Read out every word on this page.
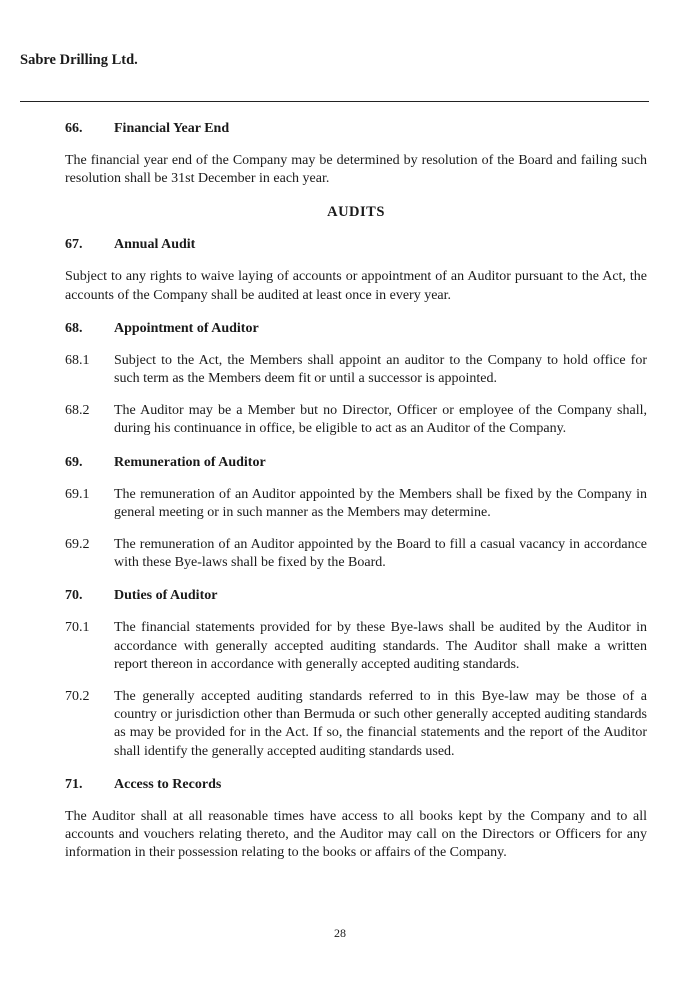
Sabre Drilling Ltd.
66.	Financial Year End

The financial year end of the Company may be determined by resolution of the Board and failing such resolution shall be 31st December in each year.

AUDITS
67.	Annual Audit

Subject to any rights to waive laying of accounts or appointment of an Auditor pursuant to the Act, the accounts of the Company shall be audited at least once in every year.

68.	Appointment of Auditor
68.1	Subject to the Act, the Members shall appoint an auditor to the Company to hold office for such term as the Members deem fit or until a successor is appointed.
68.2	The Auditor may be a Member but no Director, Officer or employee of the Company shall, during his continuance in office, be eligible to act as an Auditor of the Company.
69.	Remuneration of Auditor
69.1	The remuneration of an Auditor appointed by the Members shall be fixed by the Company in general meeting or in such manner as the Members may determine.
69.2	The remuneration of an Auditor appointed by the Board to fill a casual vacancy in accordance with these Bye-laws shall be fixed by the Board.
70.	Duties of Auditor
70.1	The financial statements provided for by these Bye-laws shall be audited by the Auditor in accordance with generally accepted auditing standards. The Auditor shall make a written report thereon in accordance with generally accepted auditing standards.
70.2	The generally accepted auditing standards referred to in this Bye-law may be those of a country or jurisdiction other than Bermuda or such other generally accepted auditing standards as may be provided for in the Act. If so, the financial statements and the report of the Auditor shall identify the generally accepted auditing standards used.
71.	Access to Records

The Auditor shall at all reasonable times have access to all books kept by the Company and to all accounts and vouchers relating thereto, and the Auditor may call on the Directors or Officers for any information in their possession relating to the books or affairs of the Company.

28
